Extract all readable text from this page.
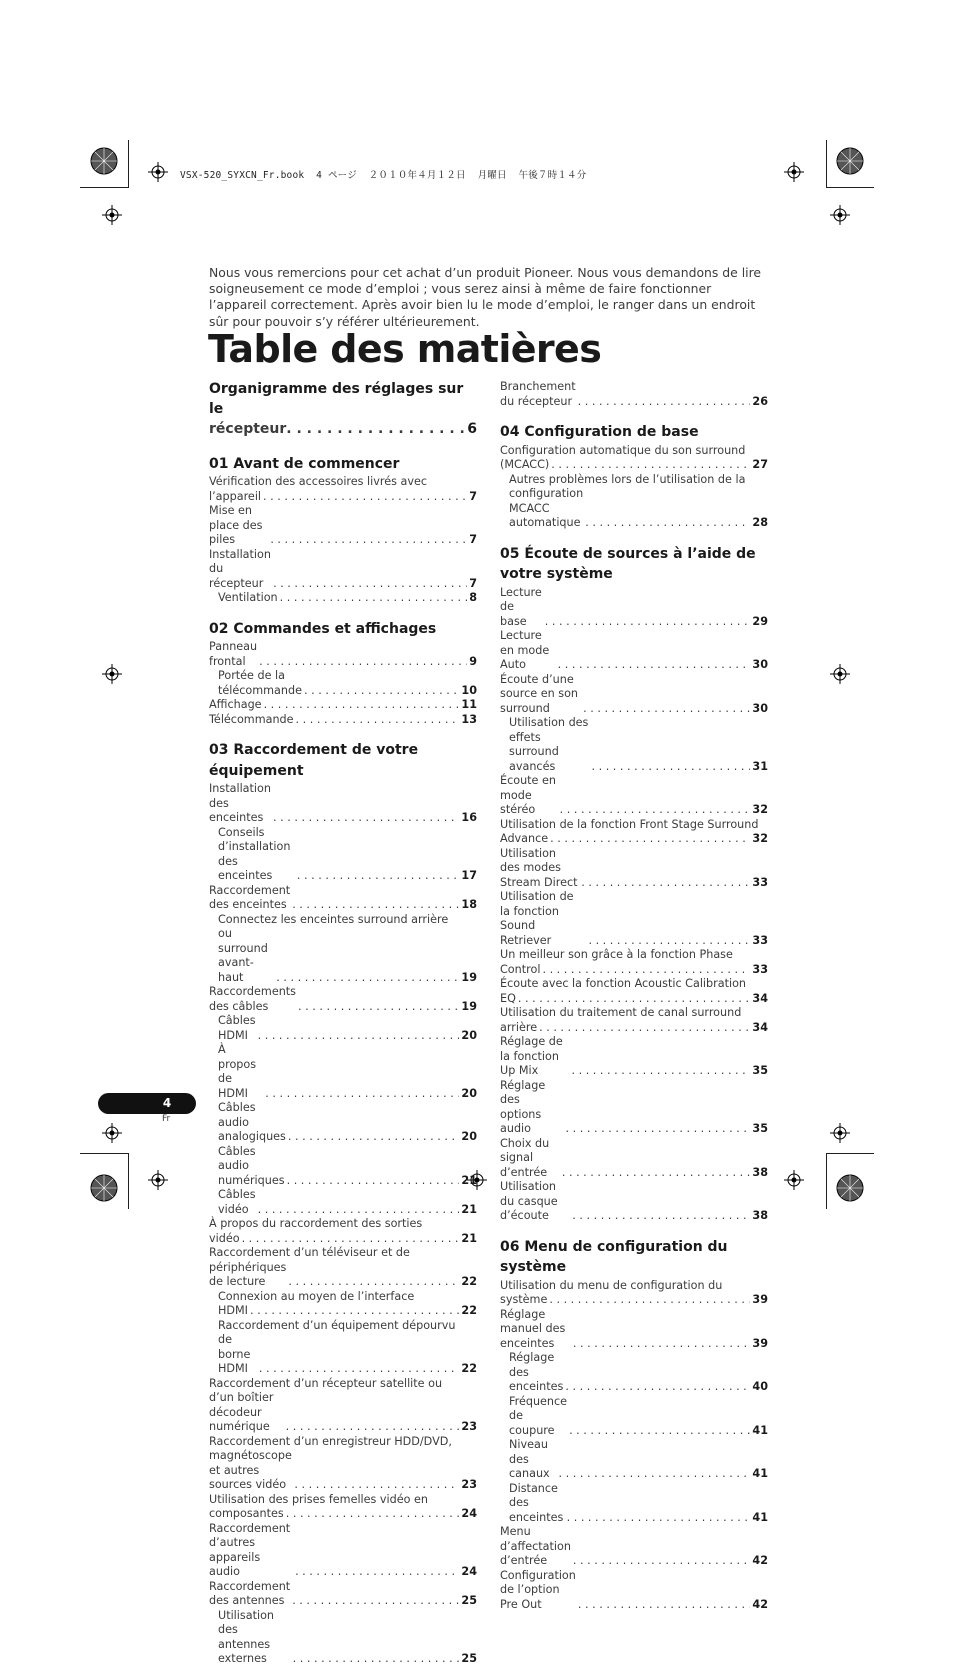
VSX-520_SYXCN_Fr.book  4 ページ  ２０１０年４月１２日  月曜日  午後７時１４分

Nous vous remercions pour cet achat d’un produit Pioneer. Nous vous demandons de lire soigneusement ce mode d’emploi ; vous serez ainsi à même de faire fonctionner l’appareil correctement. Après avoir bien lu le mode d’emploi, le ranger dans un endroit sûr pour pouvoir s’y référer ultérieurement.

Table des matières
Organigramme des réglages sur le
récepteur . . .	6
01 Avant de commencer
Vérification des accessoires livrés avec
l’appareil . . .	7
Mise en place des piles . . .	7
Installation du récepteur . . .	7
Ventilation . . .	8
02 Commandes et affichages
Panneau frontal . . .	9
Portée de la télécommande . . .	10
Affichage . . .	11
Télécommande . . .	13
03 Raccordement de votre
équipement
Installation des enceintes . . .	16
Conseils d’installation des enceintes . . .	17
Raccordement des enceintes . . .	18
Connectez les enceintes surround arrière
ou surround avant-haut . . .	19
Raccordements des câbles . . .	19
Câbles HDMI . . .	20
À propos de HDMI . . .	20
Câbles audio analogiques . . .	20
Câbles audio numériques . . .	21
Câbles vidéo . . .	21
À propos du raccordement des sorties
vidéo . . .	21
Raccordement d’un téléviseur et de
périphériques de lecture . . .	22
Connexion au moyen de l’interface
HDMI . . .	22
Raccordement d’un équipement dépourvu
de borne HDMI . . .	22
Raccordement d’un récepteur satellite ou
d’un boîtier décodeur numérique . . .	23
Raccordement d’un enregistreur HDD/DVD,
magnétoscope et autres sources vidéo . . .	23
Utilisation des prises femelles vidéo en
composantes . . .	24
Raccordement d’autres appareils audio . . .	24
Raccordement des antennes . . .	25
Utilisation des antennes externes . . .	25
Branchement du récepteur . . .	26
04 Configuration de base
Configuration automatique du son surround
(MCACC) . . .	27
Autres problèmes lors de l’utilisation de la
configuration MCACC automatique . . .	28
05 Écoute de sources à l’aide de
votre système
Lecture de base . . .	29
Lecture en mode Auto . . .	30
Écoute d’une source en son surround . . .	30
Utilisation des effets surround avancés . . .	31
Écoute en mode stéréo . . .	32
Utilisation de la fonction Front Stage Surround
Advance . . .	32
Utilisation des modes Stream Direct . . .	33
Utilisation de la fonction Sound Retriever . . .	33
Un meilleur son grâce à la fonction Phase
Control . . .	33
Écoute avec la fonction Acoustic Calibration
EQ . . .	34
Utilisation du traitement de canal surround
arrière . . .	34
Réglage de la fonction Up Mix . . .	35
Réglage des options audio . . .	35
Choix du signal d’entrée . . .	38
Utilisation du casque d’écoute . . .	38
06 Menu de configuration du
système
Utilisation du menu de configuration du
système . . .	39
Réglage manuel des enceintes . . .	39
Réglage des enceintes . . .	40
Fréquence de coupure . . .	41
Niveau des canaux . . .	41
Distance des enceintes . . .	41
Menu d’affectation d’entrée . . .	42
Configuration de l’option Pre Out . . .	42
4
Fr
